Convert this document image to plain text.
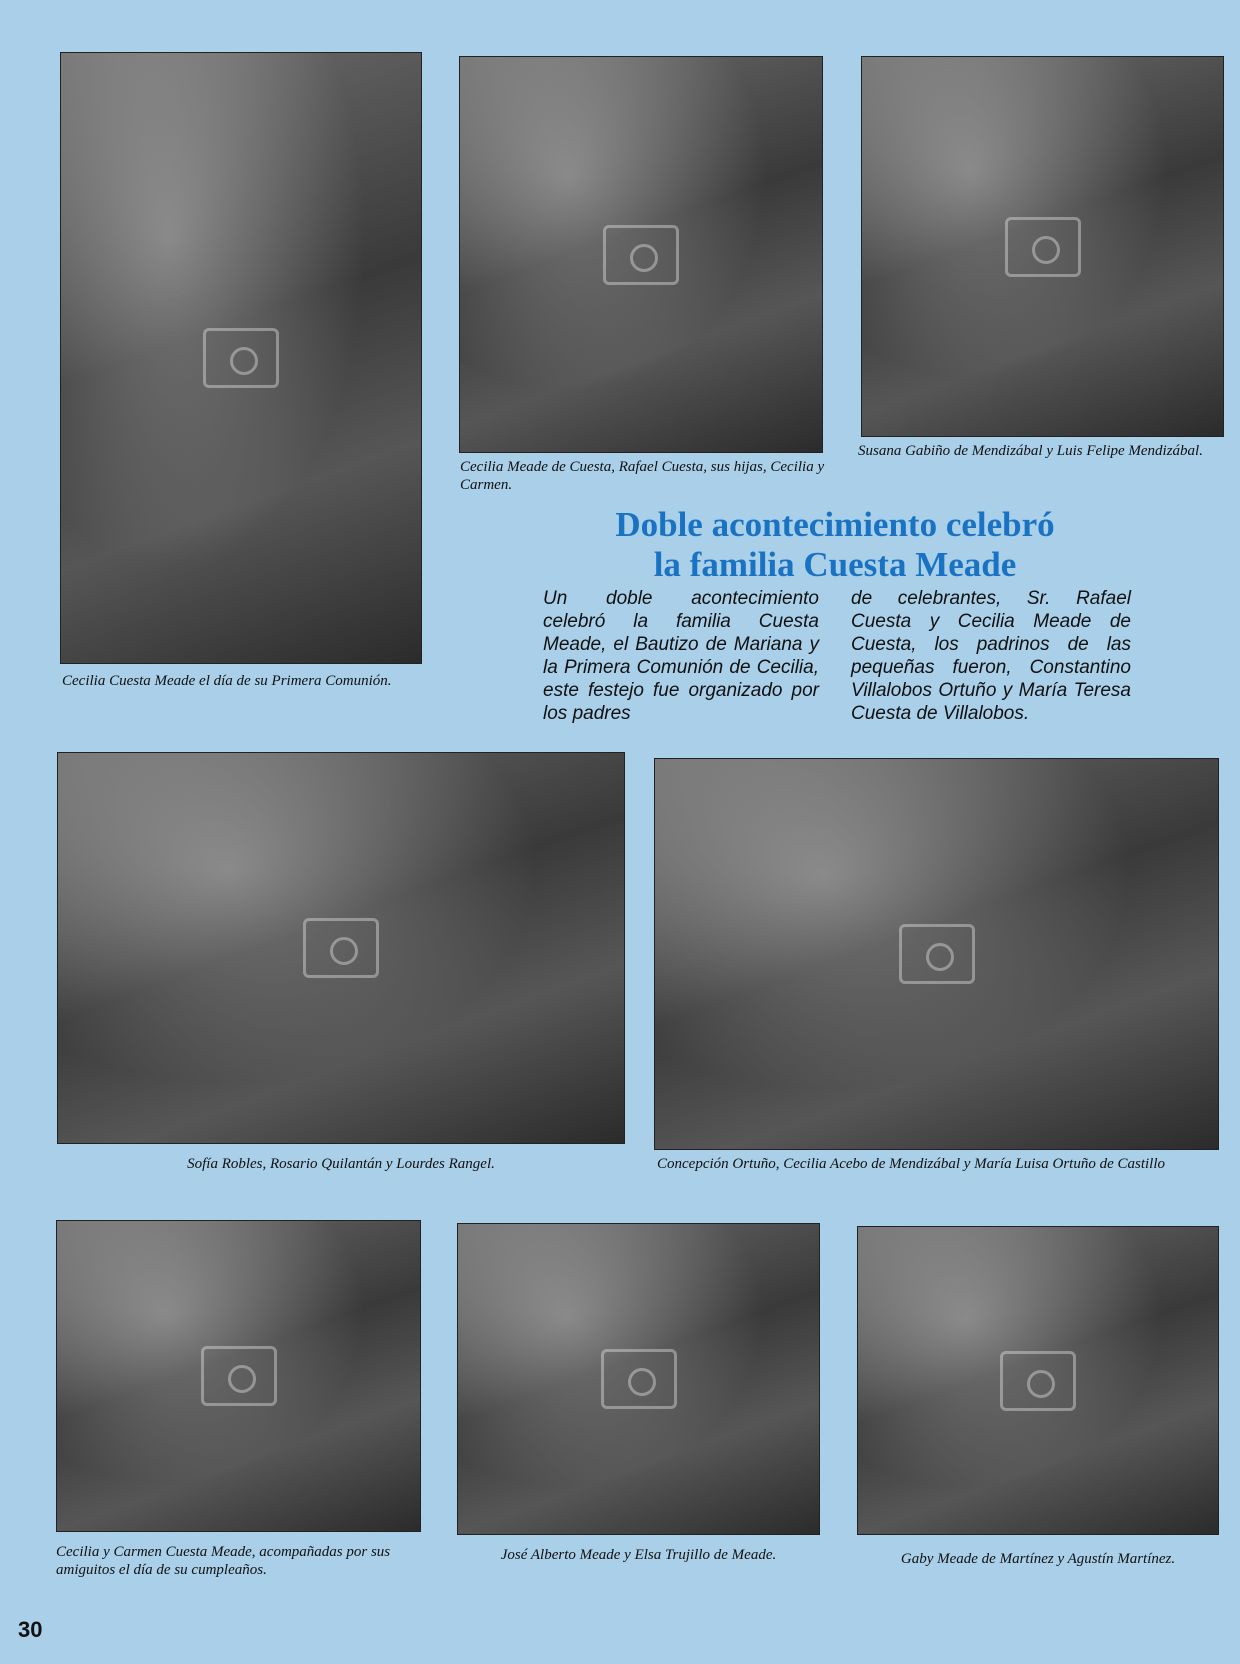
Cecilia Cuesta Meade el día de su Primera Comunión.

Cecilia Meade de Cuesta, Rafael Cuesta, sus hijas, Cecilia y Carmen.

Susana Gabiño de Mendizábal y Luis Felipe Mendizábal.

Sofía Robles, Rosario Quilantán y Lourdes Rangel.	Concepción Ortuño, Cecilia Acebo de Mendizábal y María Luisa Ortuño de Castillo

Cecilia y Carmen Cuesta Meade, acompañadas por sus amiguitos el día de su cumpleaños.

José Alberto Meade y Elsa Trujillo de Meade.	Gaby Meade de Martínez y Agustín Martínez.

Doble acontecimiento celebró
la familia Cuesta Meade

Un doble acontecimiento celebró la familia Cuesta Meade, el Bautizo de Mariana y la Primera Comunión de Cecilia, este festejo fue organizado por los padres

de celebrantes, Sr. Rafael Cuesta y Cecilia Meade de Cuesta, los padrinos de las pequeñas fueron, Constantino Villalobos Ortuño y María Teresa Cuesta de Villalobos.

30
